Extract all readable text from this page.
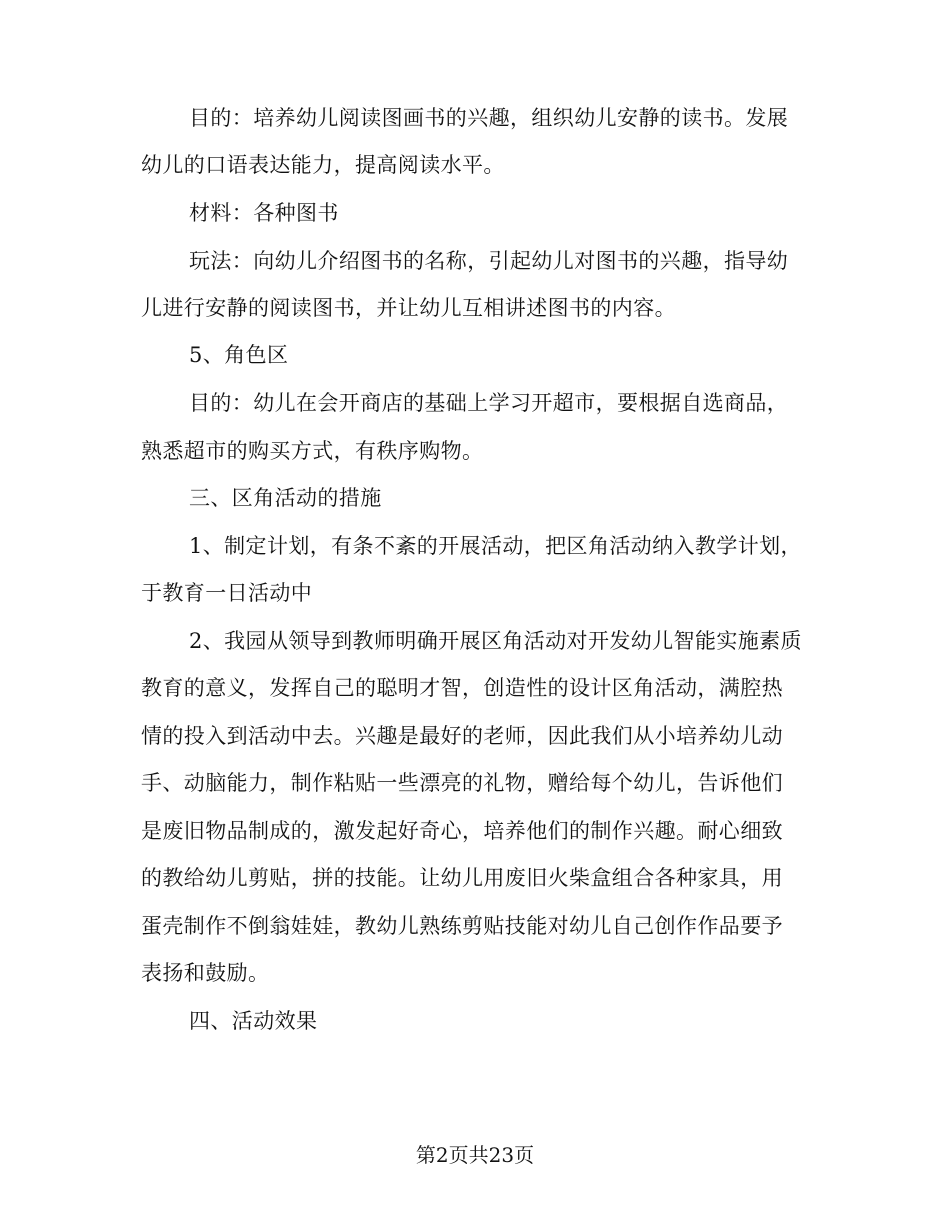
目的：培养幼儿阅读图画书的兴趣，组织幼儿安静的读书。发展
幼儿的口语表达能力，提高阅读水平。
材料：各种图书
玩法：向幼儿介绍图书的名称，引起幼儿对图书的兴趣，指导幼
儿进行安静的阅读图书，并让幼儿互相讲述图书的内容。
5、角色区
目的：幼儿在会开商店的基础上学习开超市，要根据自选商品，
熟悉超市的购买方式，有秩序购物。
三、区角活动的措施
1、制定计划，有条不紊的开展活动，把区角活动纳入教学计划，
于教育一日活动中
2、我园从领导到教师明确开展区角活动对开发幼儿智能实施素质
教育的意义，发挥自己的聪明才智，创造性的设计区角活动，满腔热
情的投入到活动中去。兴趣是最好的老师，因此我们从小培养幼儿动
手、动脑能力，制作粘贴一些漂亮的礼物，赠给每个幼儿，告诉他们
是废旧物品制成的，激发起好奇心，培养他们的制作兴趣。耐心细致
的教给幼儿剪贴，拼的技能。让幼儿用废旧火柴盒组合各种家具，用
蛋壳制作不倒翁娃娃，教幼儿熟练剪贴技能对幼儿自己创作作品要予
表扬和鼓励。
四、活动效果
第2页共23页
